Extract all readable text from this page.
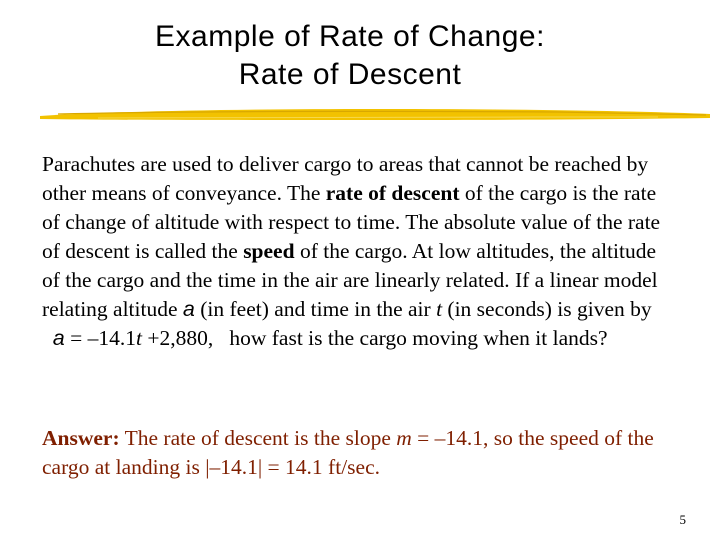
Example of Rate of Change:
Rate of Descent
Parachutes are used to deliver cargo to areas that cannot be reached by other means of conveyance. The rate of descent of the cargo is the rate of change of altitude with respect to time. The absolute value of the rate of descent is called the speed of the cargo. At low altitudes, the altitude of the cargo and the time in the air are linearly related. If a linear model relating altitude a (in feet) and time in the air t (in seconds) is given by   a = –14.1t +2,880, how fast is the cargo moving when it lands?
Answer: The rate of descent is the slope m = –14.1, so the speed of the cargo at landing is |–14.1| = 14.1 ft/sec.
5
